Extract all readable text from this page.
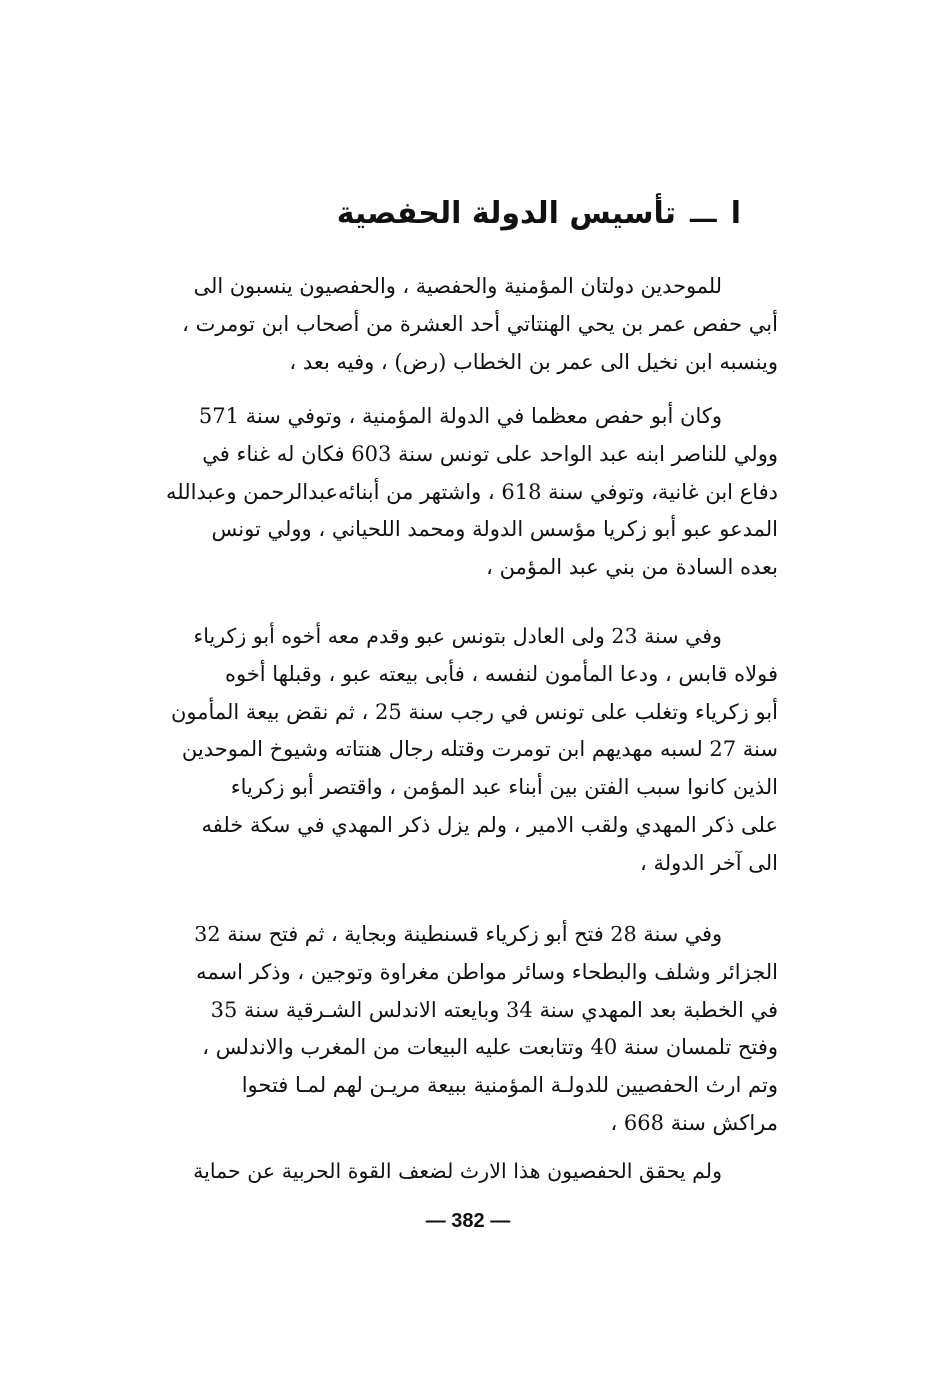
ا
ـــ
تأسيس الدولة الحفصية
للموحدين دولتان المؤمنية والحفصية ، والحفصيون ينسبون الى
أبي حفص عمر بن يحي الهنتاتي أحد العشرة من أصحاب ابن تومرت ،
وينسبه ابن نخيل الى عمر بن الخطاب (رض) ، وفيه بعد ،
وكان أبو حفص معظما في الدولة المؤمنية ، وتوفي سنة 571
وولي للناصر ابنه عبد الواحد على تونس سنة 603 فكان له غناء في
دفاع ابن غانية، وتوفي سنة 618 ، واشتهر من أبنائه‌عبدالرحمن وعبدالله
المدعو عبو أبو زكريا مؤسس الدولة ومحمد اللحياني ، وولي تونس
بعده السادة من بني عبد المؤمن ،
وفي سنة 23 ولى العادل بتونس عبو وقدم معه أخوه أبو زكرياء
فولاه قابس ، ودعا المأمون لنفسه ، فأبى بيعته عبو ، وقبلها أخوه
أبو زكرياء وتغلب على تونس في رجب سنة 25 ، ثم نقض بيعة المأمون
سنة 27 لسبه مهديهم ابن تومرت وقتله رجال هنتاته وشيوخ الموحدين
الذين كانوا سبب الفتن بين أبناء عبد المؤمن ، واقتصر أبو زكرياء
على ذكر المهدي ولقب الامير ، ولم يزل ذكر المهدي في سكة خلفه
الى آخر الدولة ،
وفي سنة 28 فتح أبو زكرياء قسنطينة وبجاية ، ثم فتح سنة 32
الجزائر وشلف والبطحاء وسائر مواطن مغراوة وتوجين ، وذكر اسمه
في الخطبة بعد المهدي سنة 34 وبايعته الاندلس الشـرقية سنة 35
وفتح تلمسان سنة 40 وتتابعت عليه البيعات من المغرب والاندلس ،
وتم ارث الحفصيين للدولـة المؤمنية ببيعة مريـن لهم لمـا فتحوا
مراكش سنة 668 ،
ولم يحقق الحفصيون هذا الارث لضعف القوة الحربية عن حماية
— 382 —
